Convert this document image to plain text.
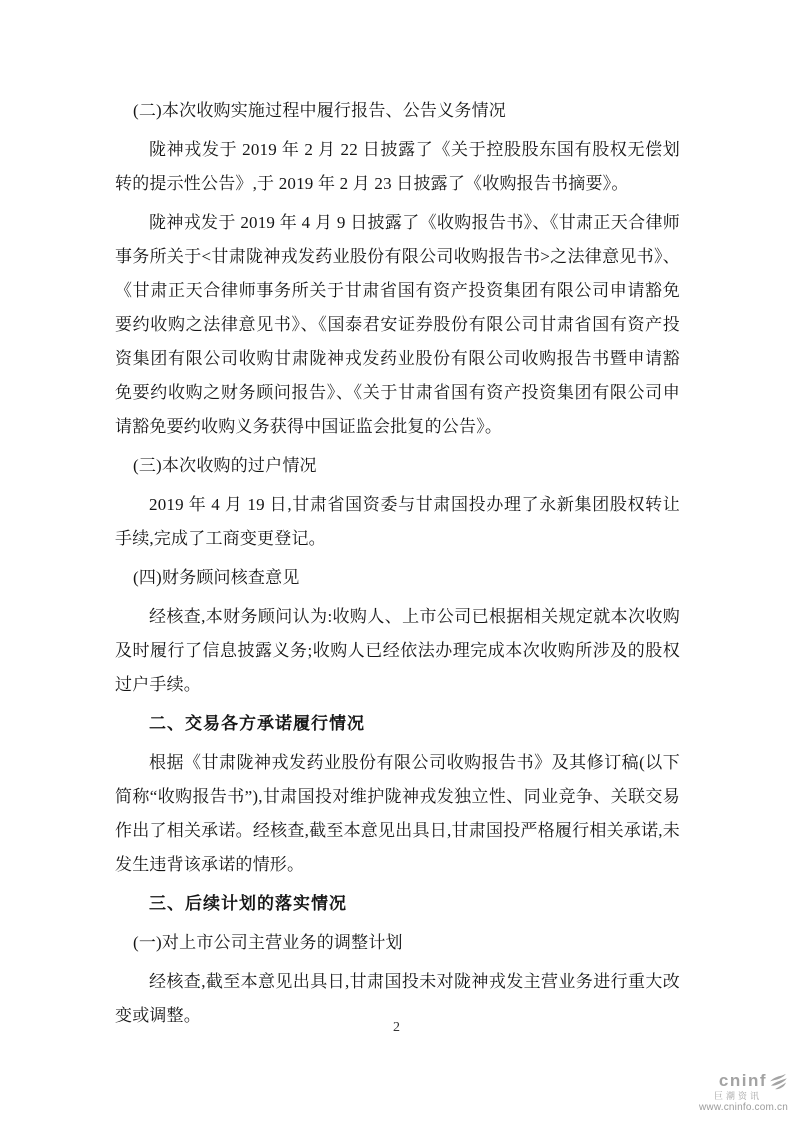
(二)本次收购实施过程中履行报告、公告义务情况

陇神戎发于 2019 年 2 月 22 日披露了《关于控股股东国有股权无偿划转的提示性公告》,于 2019 年 2 月 23 日披露了《收购报告书摘要》。

陇神戎发于 2019 年 4 月 9 日披露了《收购报告书》、《甘肃正天合律师事务所关于<甘肃陇神戎发药业股份有限公司收购报告书>之法律意见书》、《甘肃正天合律师事务所关于甘肃省国有资产投资集团有限公司申请豁免要约收购之法律意见书》、《国泰君安证券股份有限公司甘肃省国有资产投资集团有限公司收购甘肃陇神戎发药业股份有限公司收购报告书暨申请豁免要约收购之财务顾问报告》、《关于甘肃省国有资产投资集团有限公司申请豁免要约收购义务获得中国证监会批复的公告》。

(三)本次收购的过户情况

2019 年 4 月 19 日,甘肃省国资委与甘肃国投办理了永新集团股权转让手续,完成了工商变更登记。

(四)财务顾问核查意见

经核查,本财务顾问认为:收购人、上市公司已根据相关规定就本次收购及时履行了信息披露义务;收购人已经依法办理完成本次收购所涉及的股权过户手续。

二、交易各方承诺履行情况

根据《甘肃陇神戎发药业股份有限公司收购报告书》及其修订稿(以下简称“收购报告书”),甘肃国投对维护陇神戎发独立性、同业竞争、关联交易作出了相关承诺。经核查,截至本意见出具日,甘肃国投严格履行相关承诺,未发生违背该承诺的情形。

三、后续计划的落实情况

(一)对上市公司主营业务的调整计划

经核查,截至本意见出具日,甘肃国投未对陇神戎发主营业务进行重大改变或调整。

2
cninf
巨潮资讯
www.cninfo.com.cn
